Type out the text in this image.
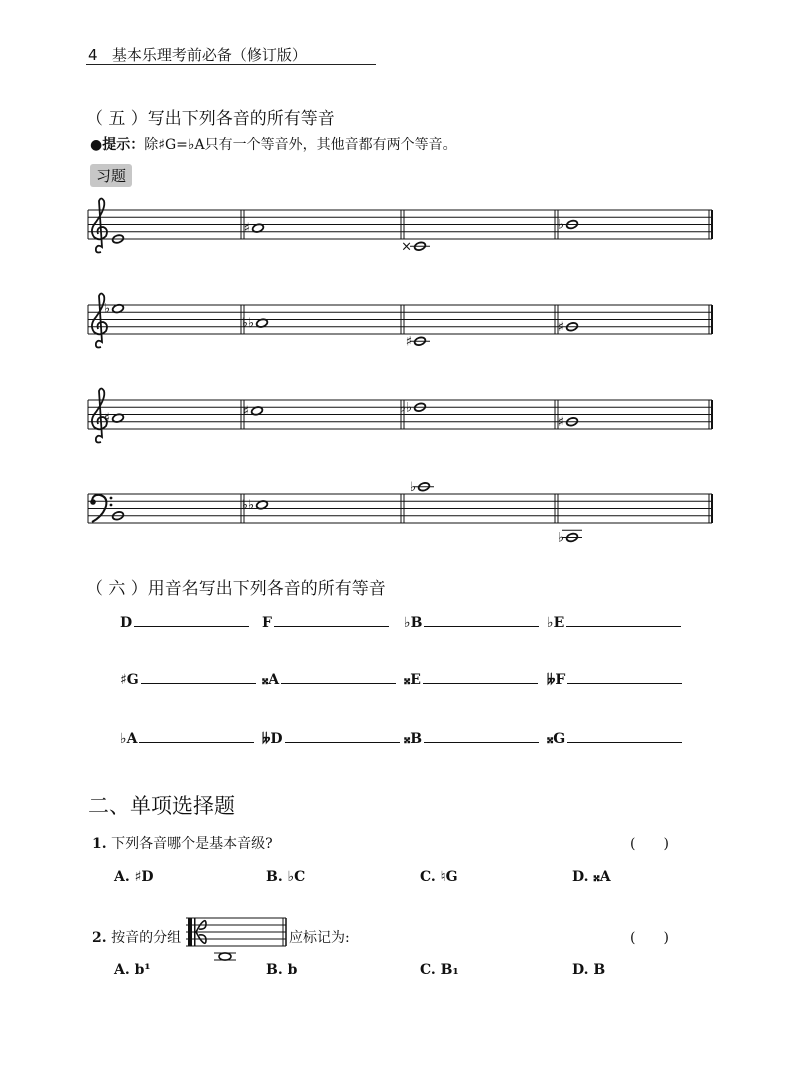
4 基本乐理考前必备（修订版）
（ 五 ）写出下列各音的所有等音
●提示：除♯G=♭A只有一个等音外，其他音都有两个等音。
习题
♯
×
♭
♭
♭♭
♯
♯
♯	♯	♭♭
♯
♭♭
♭
♭
（ 六 ）用音名写出下列各音的所有等音
D	F	♭B	♭E
♯G	𝄪A	𝄪E	𝄫F
♭A	𝄫D	𝄪B	𝄪G
二、单项选择题
1. 下列各音哪个是基本音级?	(　　)
A. ♯D	B. ♭C	C. ♮G	D. 𝄪A
2. 按音的分组	应标记为:	(　　)
A. b¹	B. b	C. B₁	D. B
